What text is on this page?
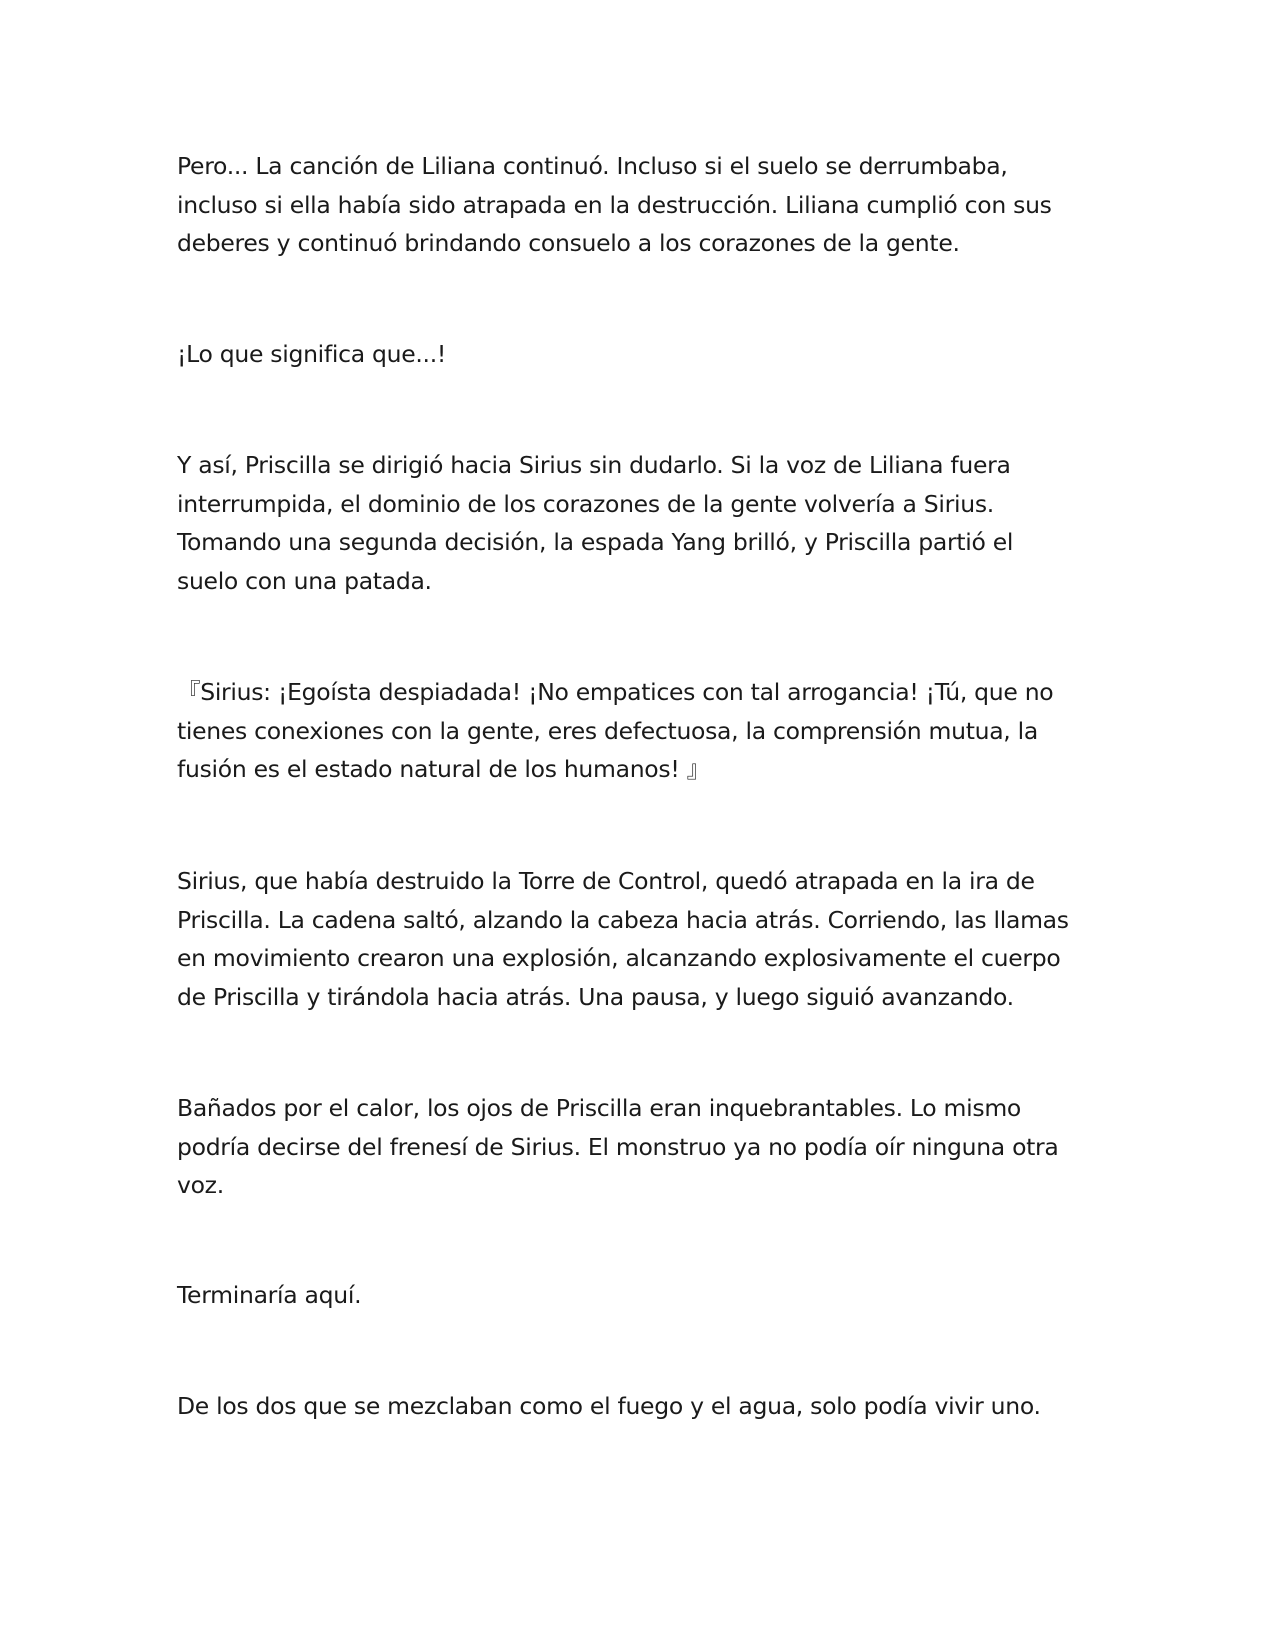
Pero... La canción de Liliana continuó. Incluso si el suelo se derrumbaba,
incluso si ella había sido atrapada en la destrucción. Liliana cumplió con sus
deberes y continuó brindando consuelo a los corazones de la gente.

¡Lo que significa que...!

Y así, Priscilla se dirigió hacia Sirius sin dudarlo. Si la voz de Liliana fuera
interrumpida, el dominio de los corazones de la gente volvería a Sirius.
Tomando una segunda decisión, la espada Yang brilló, y Priscilla partió el
suelo con una patada.

『Sirius: ¡Egoísta despiadada! ¡No empatices con tal arrogancia! ¡Tú, que no
tienes conexiones con la gente, eres defectuosa, la comprensión mutua, la
fusión es el estado natural de los humanos! 』

Sirius, que había destruido la Torre de Control, quedó atrapada en la ira de
Priscilla. La cadena saltó, alzando la cabeza hacia atrás. Corriendo, las llamas
en movimiento crearon una explosión, alcanzando explosivamente el cuerpo
de Priscilla y tirándola hacia atrás. Una pausa, y luego siguió avanzando.

Bañados por el calor, los ojos de Priscilla eran inquebrantables. Lo mismo
podría decirse del frenesí de Sirius. El monstruo ya no podía oír ninguna otra
voz.

Terminaría aquí.

De los dos que se mezclaban como el fuego y el agua, solo podía vivir uno.
